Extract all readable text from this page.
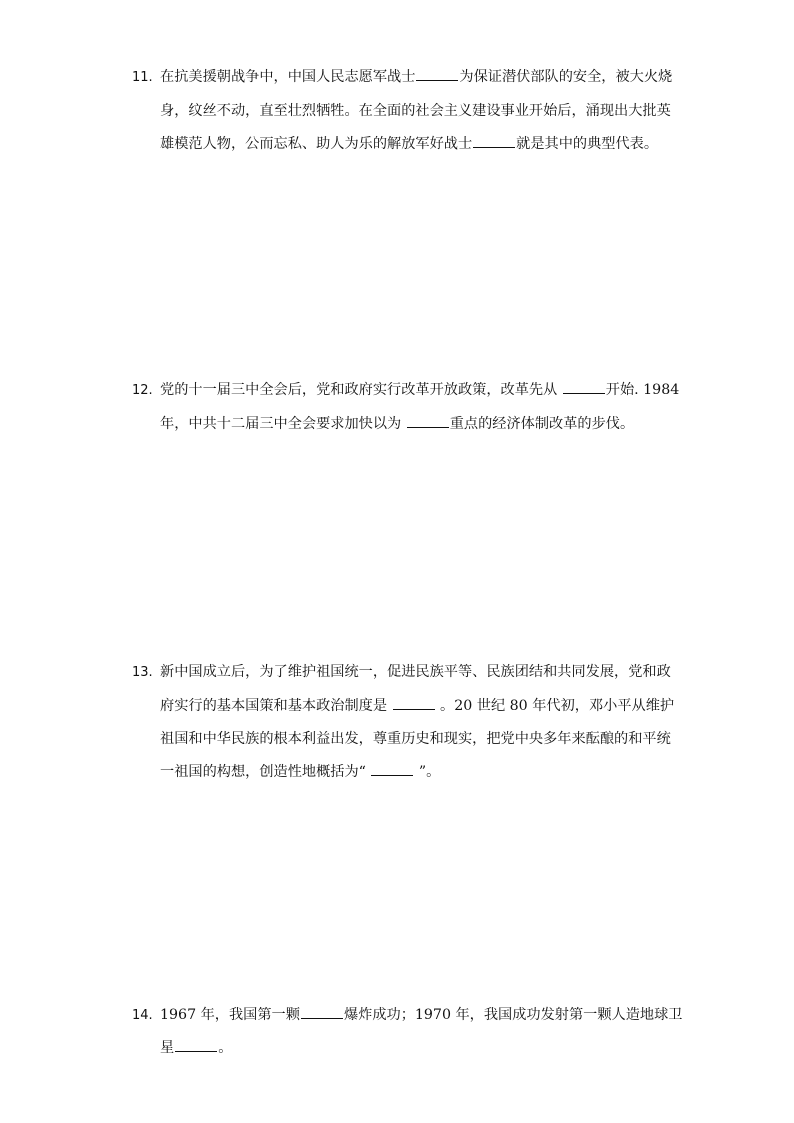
11. 在抗美援朝战争中，中国人民志愿军战士	为保证潜伏部队的安全，被大火烧
身，纹丝不动，直至壮烈牺牲。在全面的社会主义建设事业开始后，涌现出大批英
雄模范人物，公而忘私、助人为乐的解放军好战士	就是其中的典型代表。
12. 党的十一届三中全会后，党和政府实行改革开放政策，改革先从	开始. 1984
年，中共十二届三中全会要求加快以为	重点的经济体制改革的步伐。
13. 新中国成立后，为了维护祖国统一，促进民族平等、民族团结和共同发展，党和政
府实行的基本国策和基本政治制度是	。20 世纪 80 年代初，邓小平从维护
祖国和中华民族的根本利益出发，尊重历史和现实，把党中央多年来酝酿的和平统
一祖国的构想，创造性地概括为“	”。
14. 1967 年，我国第一颗	爆炸成功；1970 年，我国成功发射第一颗人造地球卫
星	。
